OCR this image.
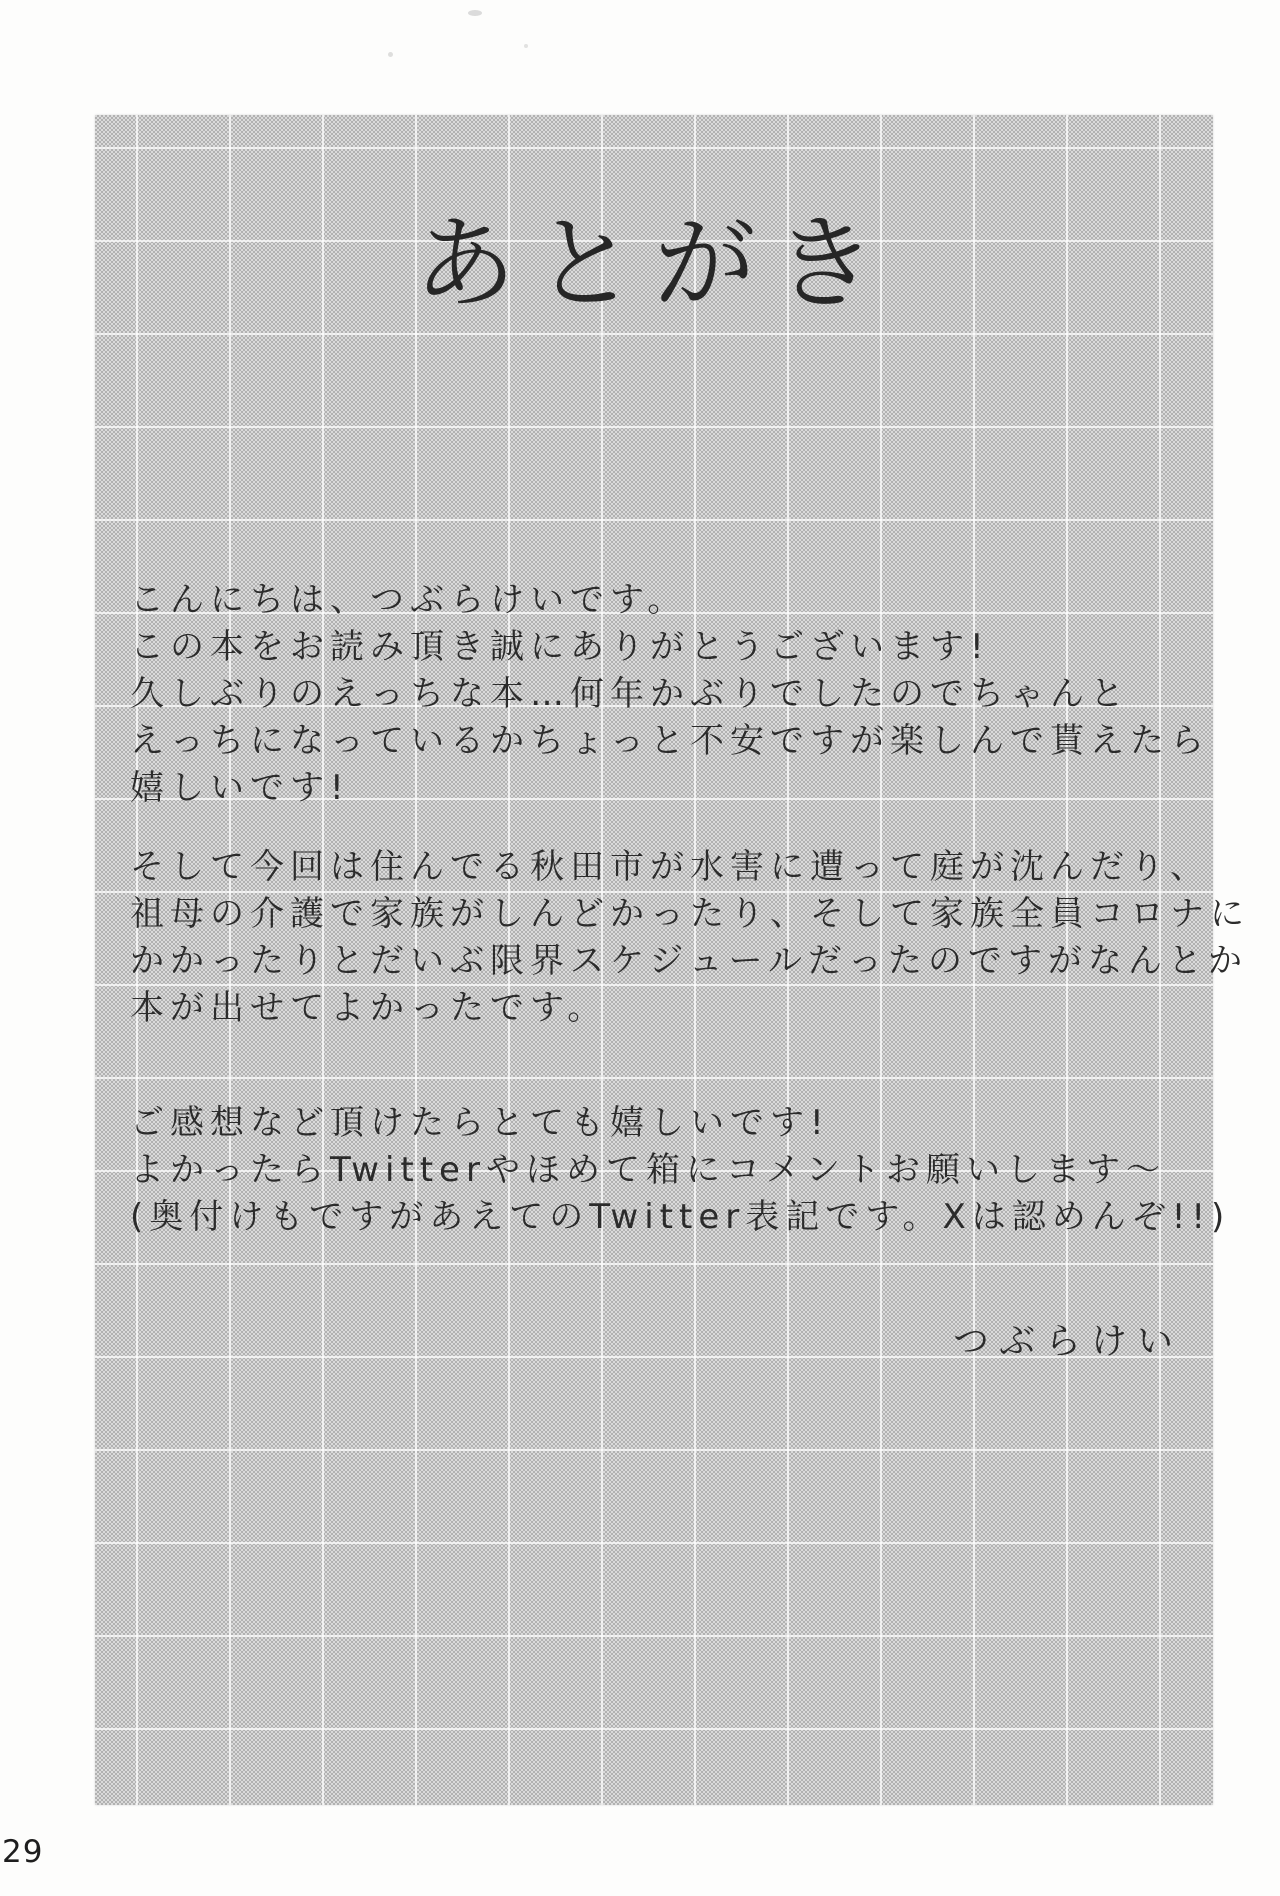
あとがき
こんにちは、つぶらけいです。
この本をお読み頂き誠にありがとうございます!
久しぶりのえっちな本…何年かぶりでしたのでちゃんと
えっちになっているかちょっと不安ですが楽しんで貰えたら
嬉しいです!
そして今回は住んでる秋田市が水害に遭って庭が沈んだり、
祖母の介護で家族がしんどかったり、そして家族全員コロナに
かかったりとだいぶ限界スケジュールだったのですがなんとか
本が出せてよかったです。
ご感想など頂けたらとても嬉しいです!
よかったらTwitterやほめて箱にコメントお願いします〜
(奥付けもですがあえてのTwitter表記です。Xは認めんぞ!!)
つぶらけい
29
